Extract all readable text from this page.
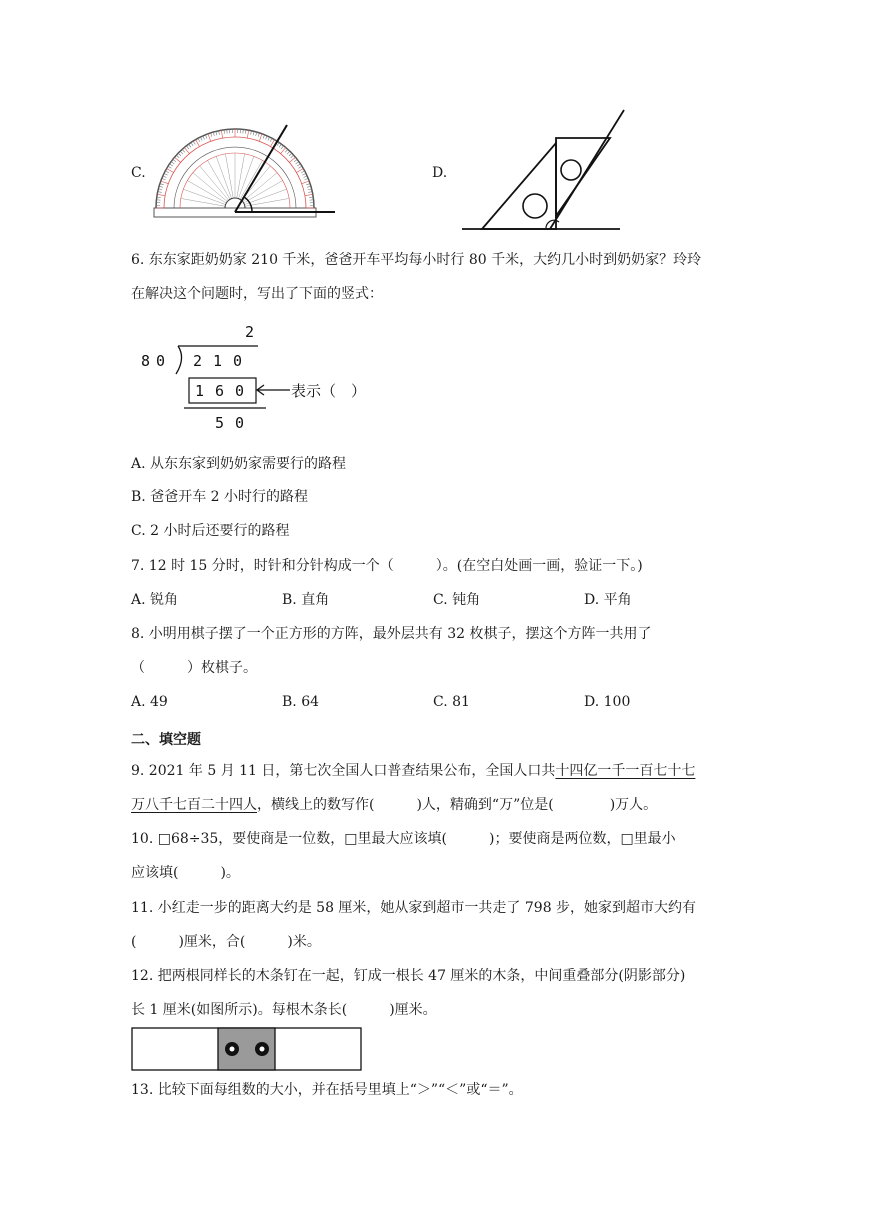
C.	D.
6. 东东家距奶奶家 210 千米，爸爸开车平均每小时行 80 千米，大约几小时到奶奶家？玲玲
在解决这个问题时，写出了下面的竖式：
2
80 210
160 表示（　）
50
A. 从东东家到奶奶家需要行的路程
B. 爸爸开车 2 小时行的路程
C. 2 小时后还要行的路程
7. 12 时 15 分时，时针和分针构成一个（　　　）。(在空白处画一画，验证一下。)
A. 锐角	B. 直角	C. 钝角	D. 平角
8. 小明用棋子摆了一个正方形的方阵，最外层共有 32 枚棋子，摆这个方阵一共用了
（　　　）枚棋子。
A. 49	B. 64	C. 81	D. 100
二、填空题
9. 2021 年 5 月 11 日，第七次全国人口普查结果公布，全国人口共十四亿一千一百七十七
万八千七百二十四人，横线上的数写作(　　　)人，精确到“万”位是(　　　　)万人。
10. □68÷35，要使商是一位数，□里最大应该填(　　　)；要使商是两位数，□里最小
应该填(　　　)。
11. 小红走一步的距离大约是 58 厘米，她从家到超市一共走了 798 步，她家到超市大约有
(　　　)厘米，合(　　　)米。
12. 把两根同样长的木条钉在一起，钉成一根长 47 厘米的木条，中间重叠部分(阴影部分)
长 1 厘米(如图所示)。每根木条长(　　　)厘米。
13. 比较下面每组数的大小，并在括号里填上“＞”“＜”或“＝”。
